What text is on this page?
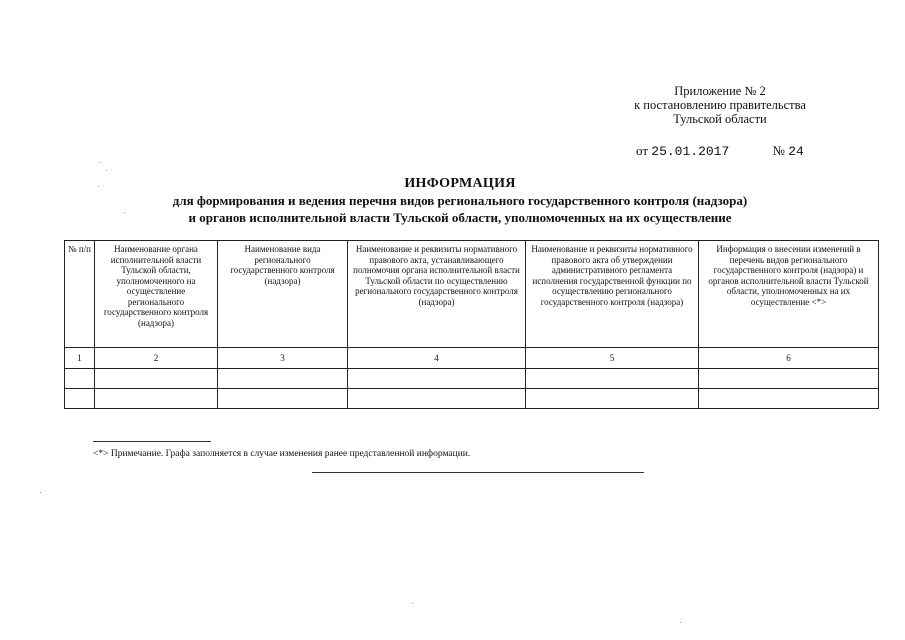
Приложение № 2
к постановлению правительства
Тульской области
от 25.01.2017	№ 24
ИНФОРМАЦИЯ
для формирования и ведения перечня видов регионального государственного контроля (надзора)
и органов исполнительной власти Тульской области, уполномоченных на их осуществление
№ п/п	Наименование органа исполнительной власти Тульской области, уполномоченного на осуществление регионального государственного контроля (надзора)	Наименование вида регионального государственного контроля (надзора)	Наименование и реквизиты нормативного правового акта, устанавливающего полномочия органа исполнительной власти Тульской области по осуществлению регионального государственного контроля (надзора)	Наименование и реквизиты нормативного правового акта об утверждении административного регламента исполнения государственной функции по осуществлению регионального государственного контроля (надзора)	Информация о внесении изменений в перечень видов регионального государственного контроля (надзора) и органов исполнительной власти Тульской области, уполномоченных на их осуществление <*>
1	2	3	4	5	6

<*> Примечание. Графа заполняется в случае изменения ранее представленной информации.
